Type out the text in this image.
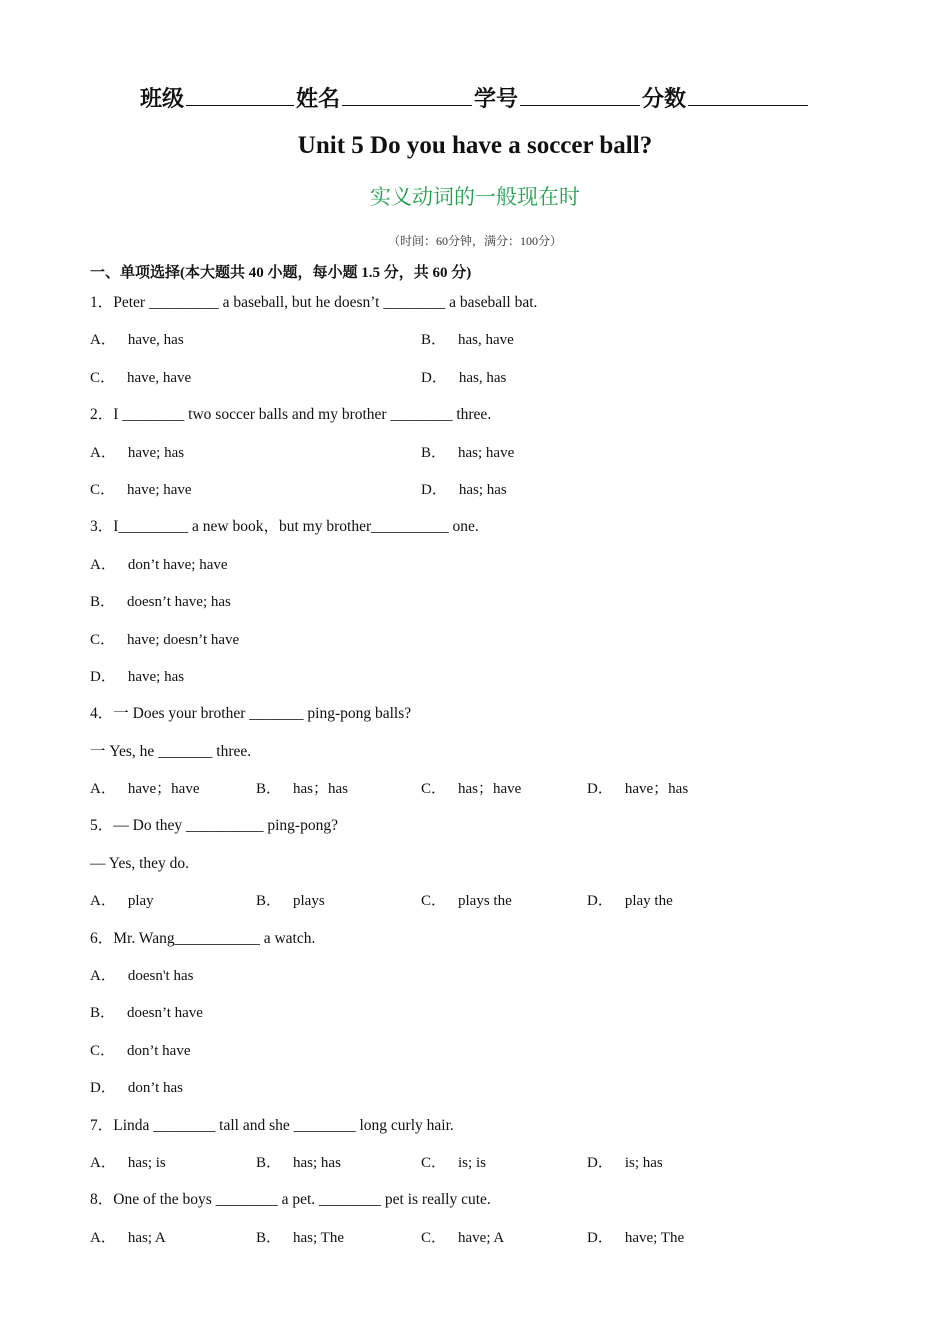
班级	姓名	学号	分数
Unit 5 Do you have a soccer ball?
实义动词的一般现在时
（时间：60分钟，满分：100分）
一、单项选择(本大题共 40 小题，每小题 1.5 分，共 60 分)
1．Peter _________ a baseball, but he doesn’t ________ a baseball bat.
A． have, has	B． has, have
C． have, have	D． has, has
2．I ________ two soccer balls and my brother ________ three.
A． have; has	B． has; have
C． have; have	D． has; has
3．I_________ a new book，but my brother__________ one.
A． don’t have; have
B． doesn’t have; has
C． have; doesn’t have
D． have; has
4．一 Does your brother _______ ping-pong balls?
一 Yes, he _______ three.
A． have；have	B． has；has	C． has；have	D． have；has
5．— Do they __________ ping-pong?
— Yes, they do.
A． play	B． plays	C． plays the	D． play the
6．Mr. Wang___________ a watch.
A． doesn't has
B． doesn’t have
C． don’t have
D． don’t has
7．Linda ________ tall and she ________ long curly hair.
A． has; is	B． has; has	C． is; is	D． is; has
8．One of the boys ________ a pet. ________ pet is really cute.
A． has; A	B． has; The	C． have; A	D． have; The
